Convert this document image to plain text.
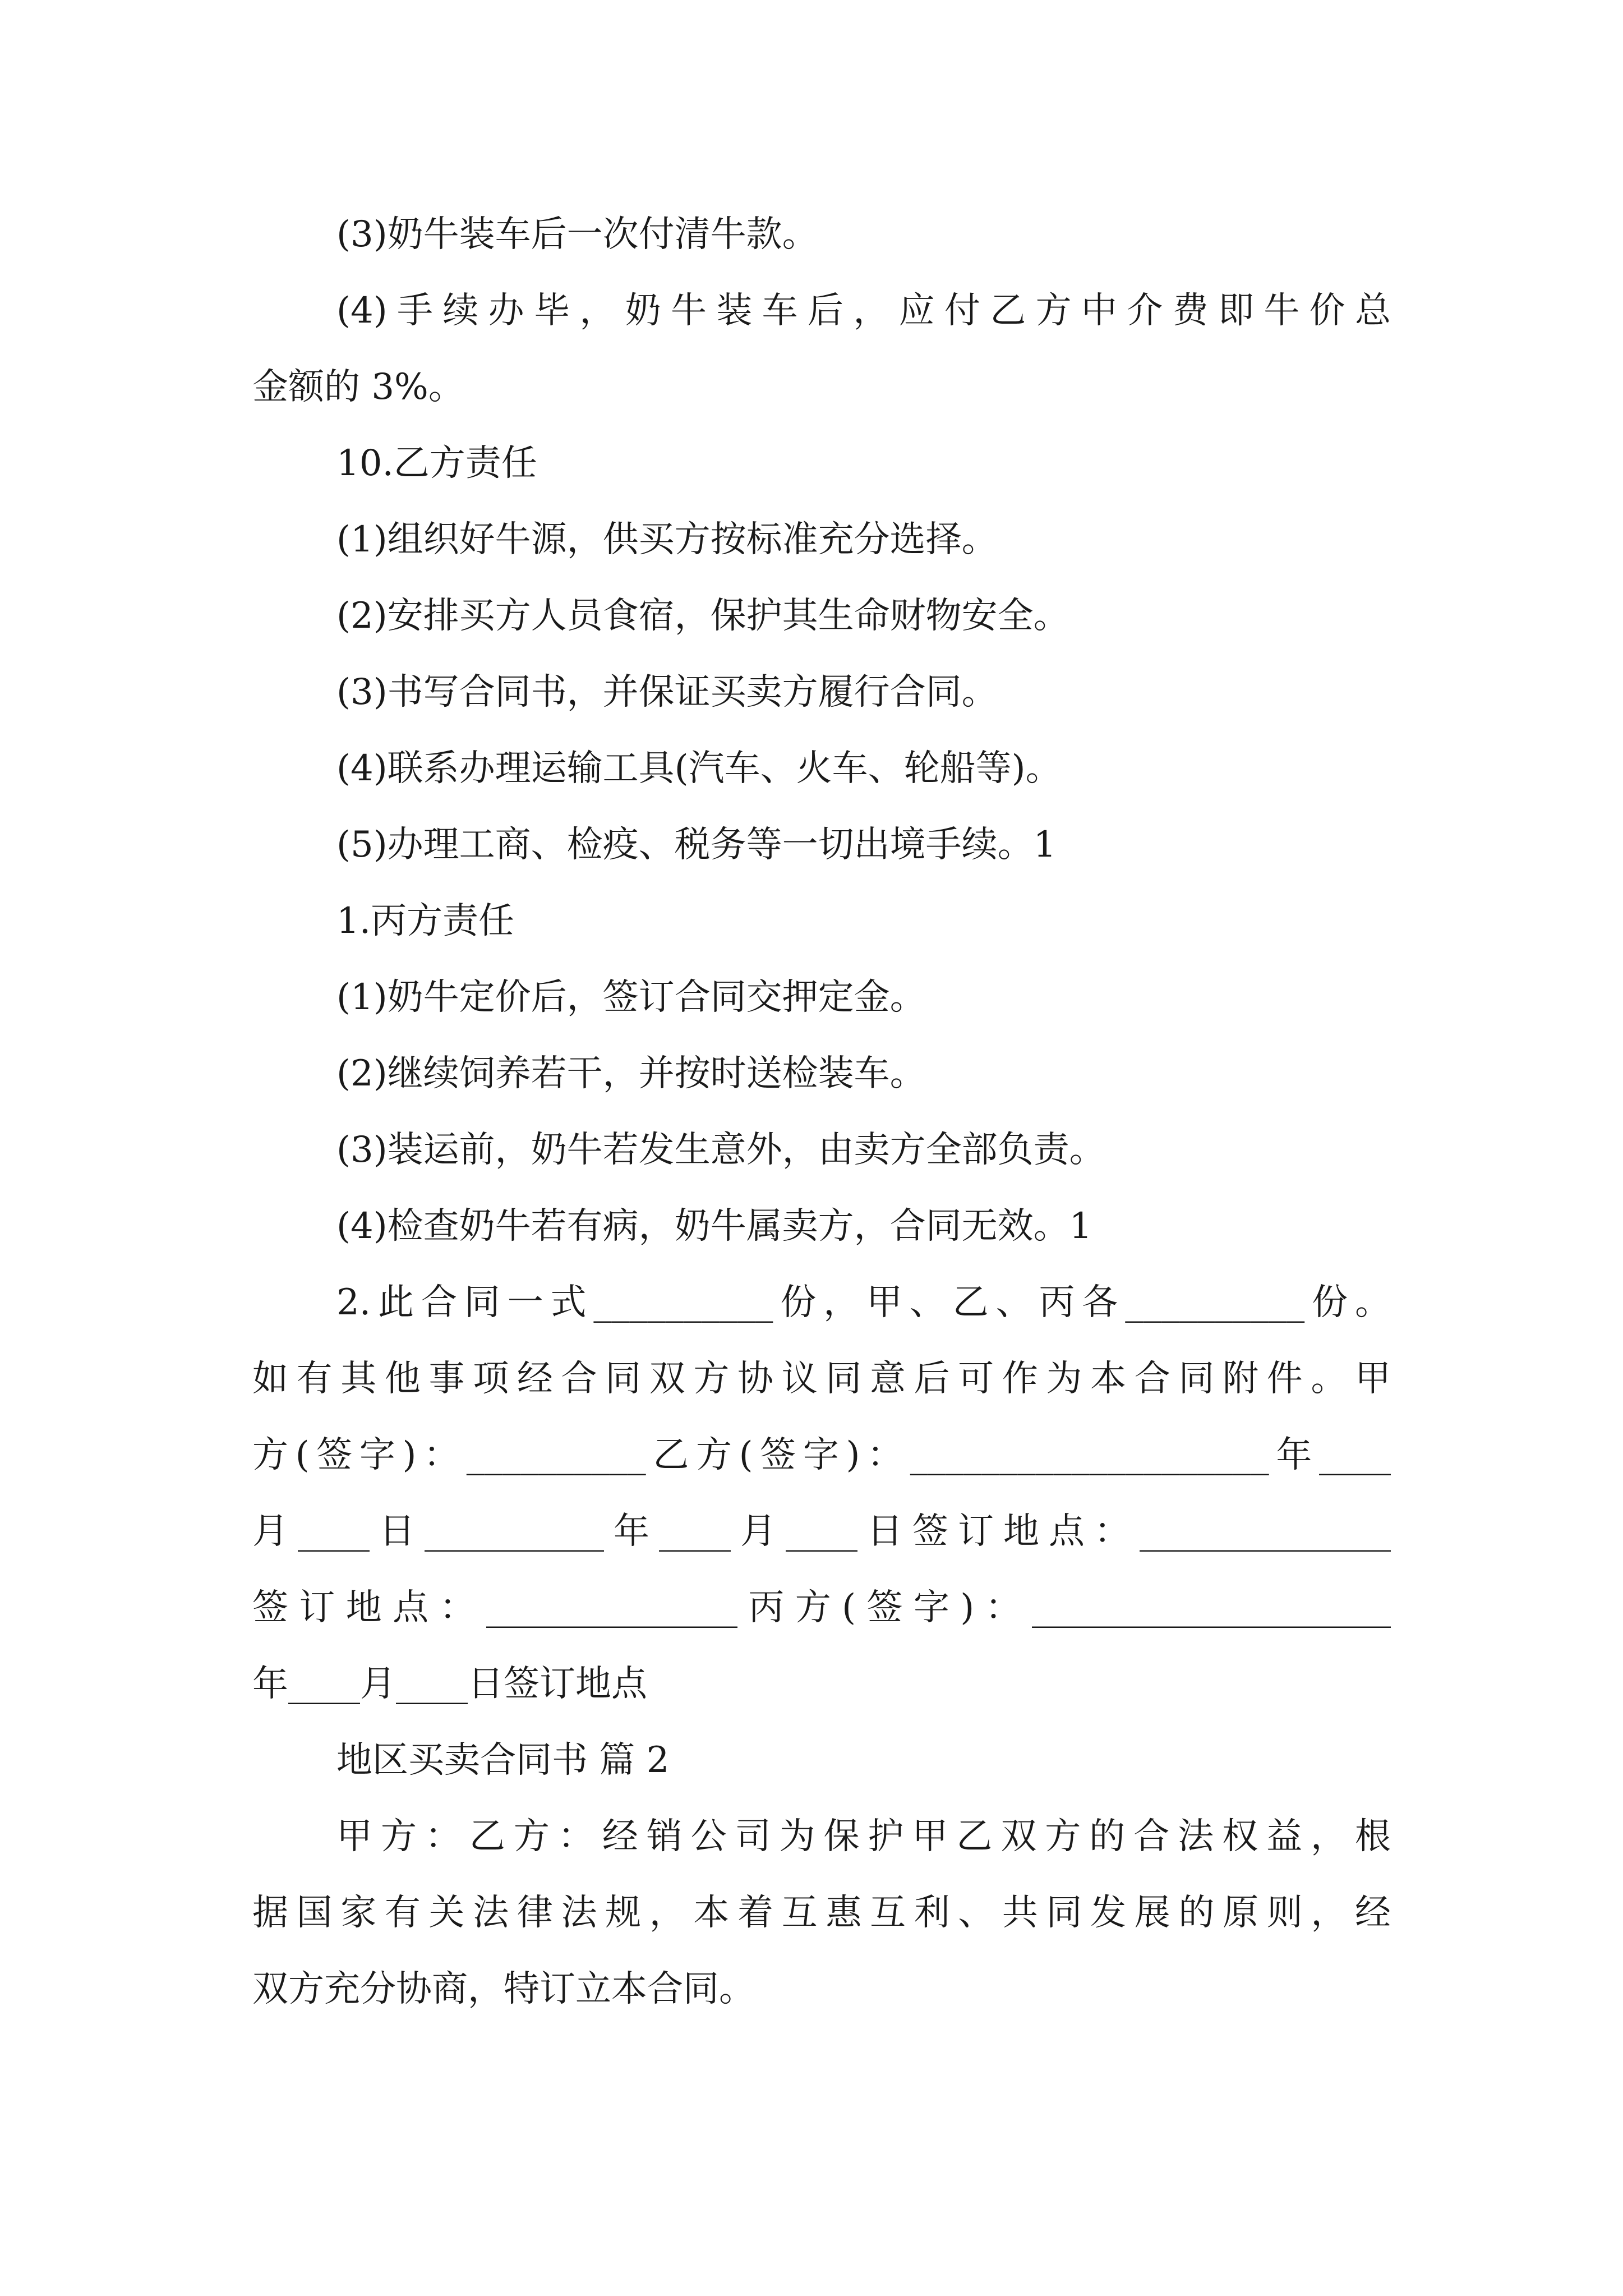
(3)奶牛装车后一次付清牛款。
(4)手续办毕，奶牛装车后，应付乙方中介费即牛价总
金额的 3%。
10.乙方责任
(1)组织好牛源，供买方按标准充分选择。
(2)安排买方人员食宿，保护其生命财物安全。
(3)书写合同书，并保证买卖方履行合同。
(4)联系办理运输工具(汽车、火车、轮船等)。
(5)办理工商、检疫、税务等一切出境手续。1
1.丙方责任
(1)奶牛定价后，签订合同交押定金。
(2)继续饲养若干，并按时送检装车。
(3)装运前，奶牛若发生意外，由卖方全部负责。
(4)检查奶牛若有病，奶牛属卖方，合同无效。1
2.此合同一式__________份，甲、乙、丙各__________份。
如有其他事项经合同双方协议同意后可作为本合同附件。甲
方(签字)：__________乙方(签字)：____________________年____
月____日__________年____月____日签订地点：______________
签订地点：______________丙方(签字)：____________________
年____月____日签订地点
地区买卖合同书 篇 2
甲方：乙方：经销公司为保护甲乙双方的合法权益，根
据国家有关法律法规，本着互惠互利、共同发展的原则，经
双方充分协商，特订立本合同。
